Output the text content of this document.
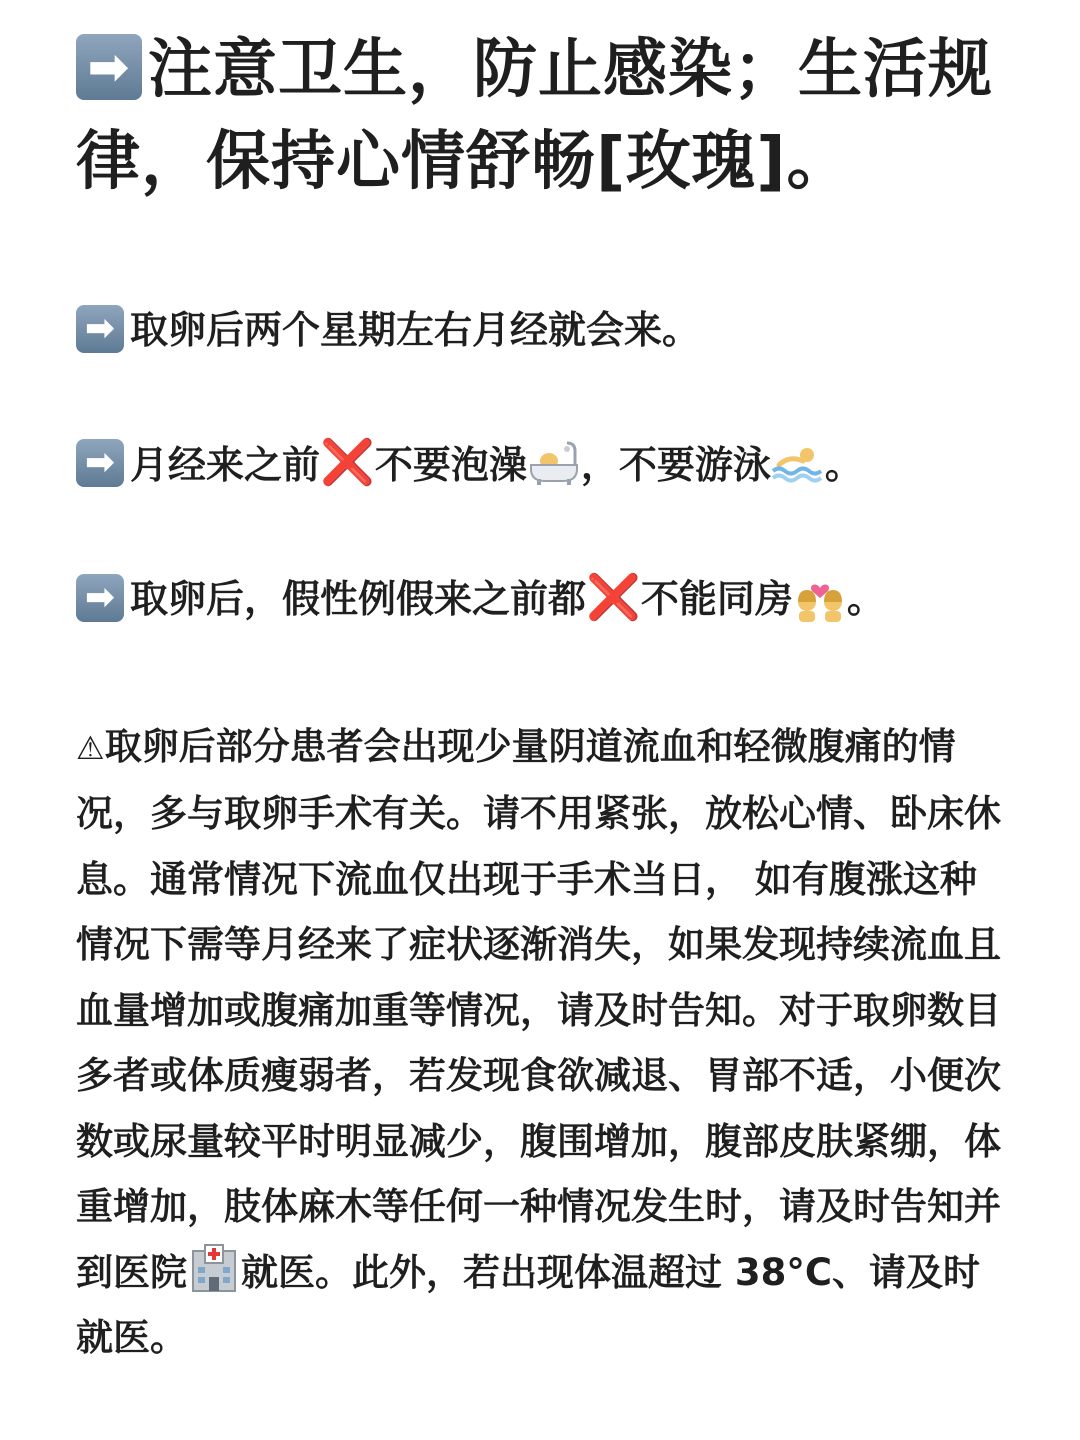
➡ 注意卫生，防止感染；生活规律，保持心情舒畅[玫瑰]。

➡ 取卵后两个星期左右月经就会来。

➡ 月经来之前❌不要泡澡 ，不要游泳 。

➡ 取卵后，假性例假来之前都❌不能同房 。

⚠取卵后部分患者会出现少量阴道流血和轻微腹痛的情况，多与取卵手术有关。请不用紧张，放松心情、卧床休息。通常情况下流血仅出现于手术当日， 如有腹涨这种情况下需等月经来了症状逐渐消失，如果发现持续流血且血量增加或腹痛加重等情况，请及时告知。对于取卵数目多者或体质瘦弱者，若发现食欲减退、胃部不适，小便次数或尿量较平时明显减少，腹围增加，腹部皮肤紧绷，体重增加，肢体麻木等任何一种情况发生时，请及时告知并到医院 就医。此外，若出现体温超过 38°C、请及时就医。
